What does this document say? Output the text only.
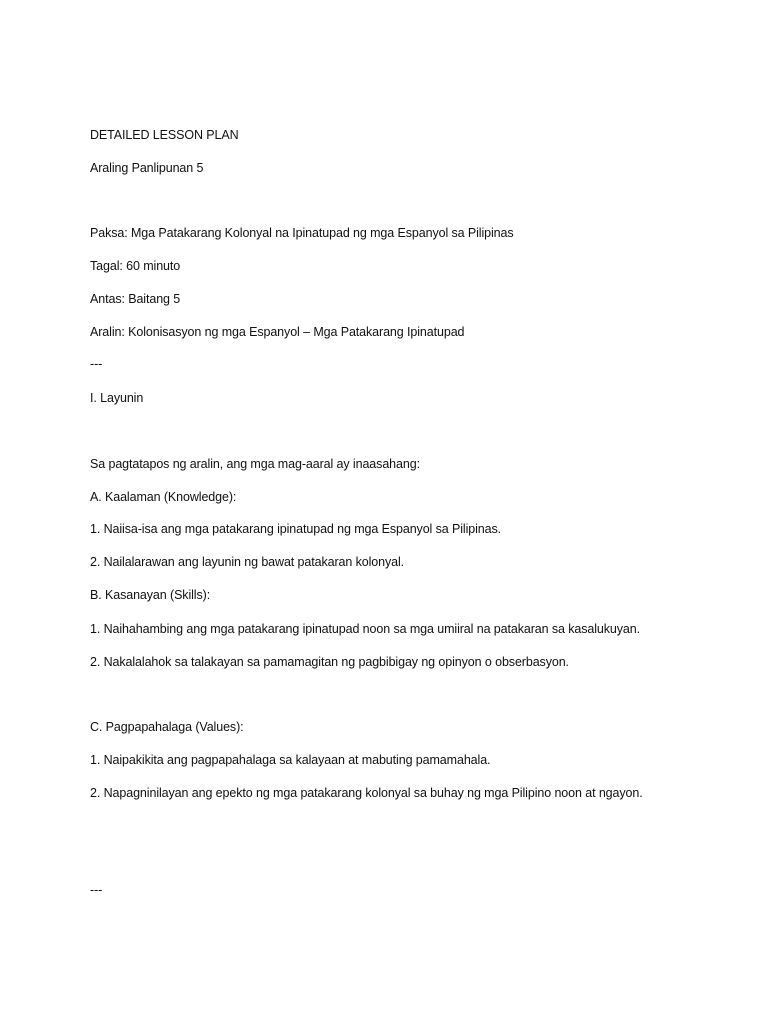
DETAILED LESSON PLAN
Araling Panlipunan 5
Paksa: Mga Patakarang Kolonyal na Ipinatupad ng mga Espanyol sa Pilipinas
Tagal: 60 minuto
Antas: Baitang 5
Aralin: Kolonisasyon ng mga Espanyol – Mga Patakarang Ipinatupad
---
I. Layunin
Sa pagtatapos ng aralin, ang mga mag-aaral ay inaasahang:
A. Kaalaman (Knowledge):
1. Naiisa-isa ang mga patakarang ipinatupad ng mga Espanyol sa Pilipinas.
2. Nailalarawan ang layunin ng bawat patakaran kolonyal.
B. Kasanayan (Skills):
1. Naihahambing ang mga patakarang ipinatupad noon sa mga umiiral na patakaran sa kasalukuyan.
2. Nakalalahok sa talakayan sa pamamagitan ng pagbibigay ng opinyon o obserbasyon.
C. Pagpapahalaga (Values):
1. Naipakikita ang pagpapahalaga sa kalayaan at mabuting pamamahala.
2. Napagninilayan ang epekto ng mga patakarang kolonyal sa buhay ng mga Pilipino noon at ngayon.
---
